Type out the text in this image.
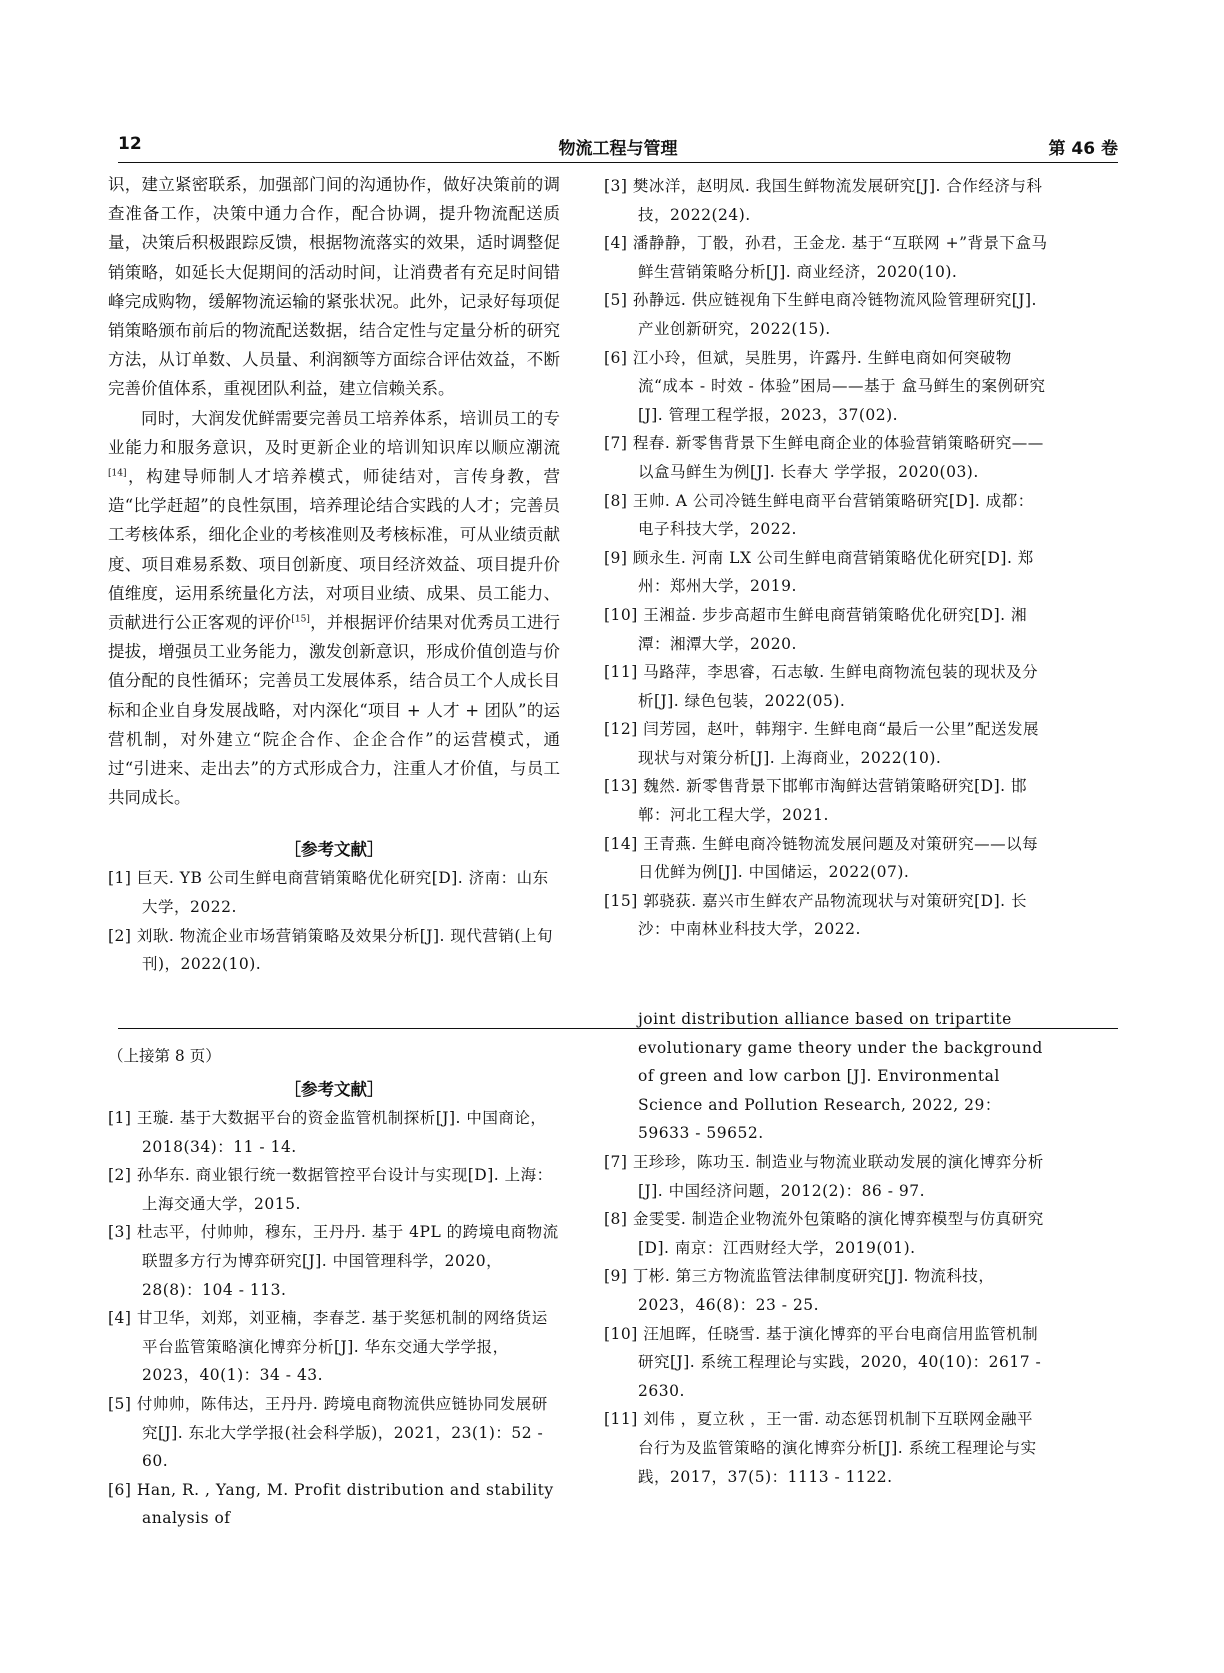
物流工程与管理
12	第 46 卷

识，建立紧密联系，加强部门间的沟通协作，做好决策前的调查准备工作，决策中通力合作，配合协调，提升物流配送质量，决策后积极跟踪反馈，根据物流落实的效果，适时调整促销策略，如延长大促期间的活动时间，让消费者有充足时间错峰完成购物，缓解物流运输的紧张状况。此外，记录好每项促销策略颁布前后的物流配送数据，结合定性与定量分析的研究方法，从订单数、人员量、利润额等方面综合评估效益，不断完善价值体系，重视团队利益，建立信赖关系。

同时，大润发优鲜需要完善员工培养体系，培训员工的专业能力和服务意识，及时更新企业的培训知识库以顺应潮流[14]，构建导师制人才培养模式，师徒结对，言传身教，营造“比学赶超”的良性氛围，培养理论结合实践的人才；完善员工考核体系，细化企业的考核准则及考核标准，可从业绩贡献度、项目难易系数、项目创新度、项目经济效益、项目提升价值维度，运用系统量化方法，对项目业绩、成果、员工能力、贡献进行公正客观的评价[15]，并根据评价结果对优秀员工进行提拔，增强员工业务能力，激发创新意识，形成价值创造与价值分配的良性循环；完善员工发展体系，结合员工个人成长目标和企业自身发展战略，对内深化“项目 + 人才 + 团队”的运营机制，对外建立“院企合作、企企合作”的运营模式，通过“引进来、走出去”的方式形成合力，注重人才价值，与员工共同成长。

［参考文献］

[1] 巨天. YB 公司生鲜电商营销策略优化研究[D]. 济南：山东大学，2022.

[2] 刘耿. 物流企业市场营销策略及效果分析[J]. 现代营销(上旬刊)，2022(10).

[3] 樊冰洋，赵明凤. 我国生鲜物流发展研究[J]. 合作经济与科技，2022(24).

[4] 潘静静，丁骰，孙君，王金龙. 基于“互联网 +”背景下盒马鲜生营销策略分析[J]. 商业经济，2020(10).

[5] 孙静远. 供应链视角下生鲜电商冷链物流风险管理研究[J]. 产业创新研究，2022(15).

[6] 江小玲，但斌，吴胜男，许露丹. 生鲜电商如何突破物流“成本 - 时效 - 体验”困局——基于 盒马鲜生的案例研究[J]. 管理工程学报，2023，37(02).

[7] 程春. 新零售背景下生鲜电商企业的体验营销策略研究——以盒马鲜生为例[J]. 长春大 学学报，2020(03).

[8] 王帅. A 公司冷链生鲜电商平台营销策略研究[D]. 成都：电子科技大学，2022.

[9] 顾永生. 河南 LX 公司生鲜电商营销策略优化研究[D]. 郑州：郑州大学，2019.

[10] 王湘益. 步步高超市生鲜电商营销策略优化研究[D]. 湘潭：湘潭大学，2020.

[11] 马路萍，李思睿，石志敏. 生鲜电商物流包装的现状及分析[J]. 绿色包装，2022(05).

[12] 闫芳园，赵叶，韩翔宇. 生鲜电商“最后一公里”配送发展现状与对策分析[J]. 上海商业，2022(10).

[13] 魏然. 新零售背景下邯郸市淘鲜达营销策略研究[D]. 邯郸：河北工程大学，2021.

[14] 王青燕. 生鲜电商冷链物流发展问题及对策研究——以每日优鲜为例[J]. 中国储运，2022(07).

[15] 郭骁荻. 嘉兴市生鲜农产品物流现状与对策研究[D]. 长沙：中南林业科技大学，2022.

（上接第 8 页）

［参考文献］

[1] 王璇. 基于大数据平台的资金监管机制探析[J]. 中国商论，2018(34)：11 - 14.

[2] 孙华东. 商业银行统一数据管控平台设计与实现[D]. 上海：上海交通大学，2015.

[3] 杜志平，付帅帅，穆东，王丹丹. 基于 4PL 的跨境电商物流联盟多方行为博弈研究[J]. 中国管理科学，2020，28(8)：104 - 113.

[4] 甘卫华，刘郑，刘亚楠，李春芝. 基于奖惩机制的网络货运平台监管策略演化博弈分析[J]. 华东交通大学学报，2023，40(1)：34 - 43.

[5] 付帅帅，陈伟达，王丹丹. 跨境电商物流供应链协同发展研究[J]. 东北大学学报(社会科学版)，2021，23(1)：52 - 60.

[6] Han, R. , Yang, M. Profit distribution and stability analysis of

joint distribution alliance based on tripartite evolutionary game theory under the background of green and low carbon [J]. Environmental Science and Pollution Research, 2022, 29：59633 - 59652.

[7] 王珍珍，陈功玉. 制造业与物流业联动发展的演化博弈分析[J]. 中国经济问题，2012(2)：86 - 97.

[8] 金雯雯. 制造企业物流外包策略的演化博弈模型与仿真研究[D]. 南京：江西财经大学，2019(01).

[9] 丁彬. 第三方物流监管法律制度研究[J]. 物流科技，2023，46(8)：23 - 25.

[10] 汪旭晖，任晓雪. 基于演化博弈的平台电商信用监管机制研究[J]. 系统工程理论与实践，2020，40(10)：2617 - 2630.

[11] 刘伟 ，夏立秋 ，王一雷. 动态惩罚机制下互联网金融平台行为及监管策略的演化博弈分析[J]. 系统工程理论与实践，2017，37(5)：1113 - 1122.
